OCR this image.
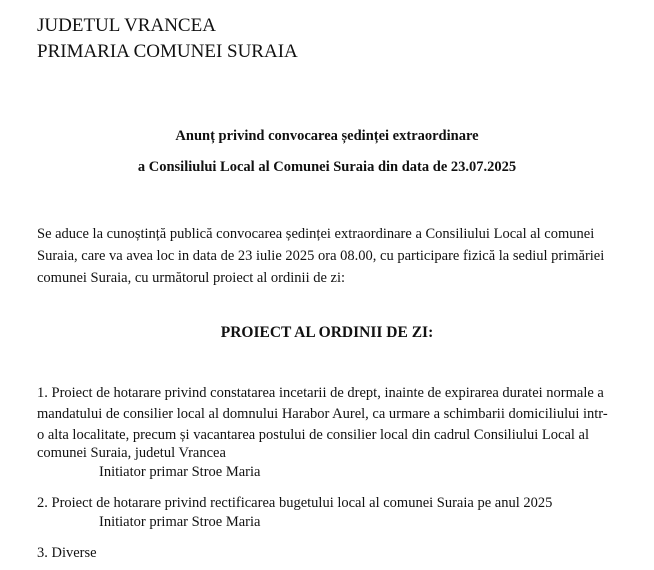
JUDETUL VRANCEA
PRIMARIA COMUNEI SURAIA
Anunț privind convocarea ședinței extraordinare
a Consiliului Local al Comunei Suraia din data de 23.07.2025
Se aduce la cunoștință publică convocarea ședinței extraordinare a Consiliului Local al comunei
Suraia, care va avea loc in data de 23 iulie 2025 ora 08.00, cu participare fizică la sediul primăriei
comunei Suraia, cu următorul proiect al ordinii de zi:
PROIECT AL ORDINII DE ZI:
1. Proiect de hotarare privind constatarea incetarii de drept, inainte de expirarea duratei normale a
mandatului de consilier local al domnului Harabor Aurel, ca urmare a schimbarii domiciliului intr-
o alta localitate, precum și vacantarea postului de consilier local din cadrul Consiliului Local al
comunei Suraia, judetul Vrancea
Initiator primar Stroe Maria
2. Proiect de hotarare privind rectificarea bugetului local al comunei Suraia pe anul 2025
Initiator primar Stroe Maria
3. Diverse
